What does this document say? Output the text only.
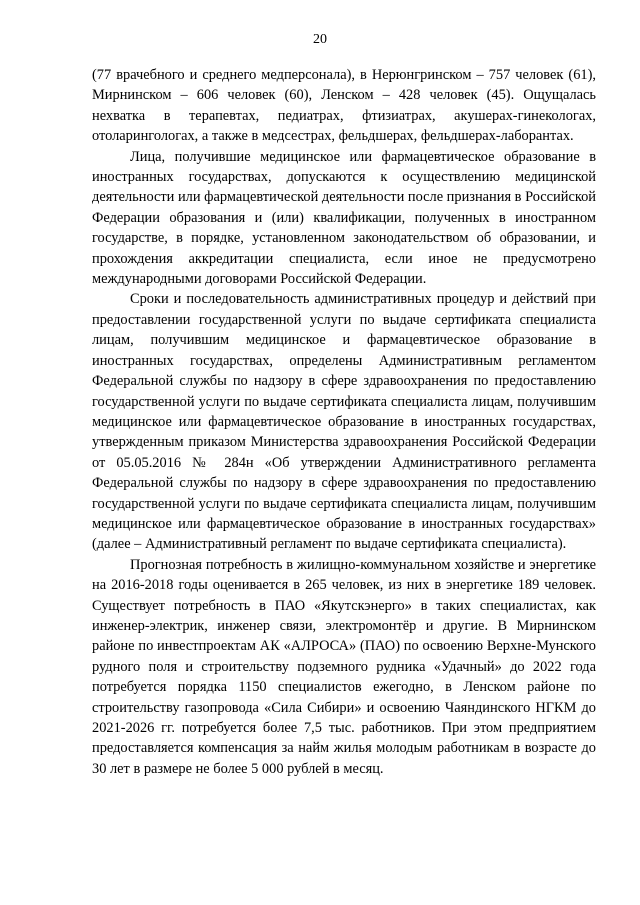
20

(77 врачебного и среднего медперсонала), в Нерюнгринском – 757 человек (61), Мирнинском – 606 человек (60), Ленском – 428 человек (45). Ощущалась нехватка в терапевтах, педиатрах, фтизиатрах, акушерах-гинекологах, отоларингологах, а также в медсестрах, фельдшерах, фельдшерах-лаборантах.

Лица, получившие медицинское или фармацевтическое образование в иностранных государствах, допускаются к осуществлению медицинской деятельности или фармацевтической деятельности после признания в Российской Федерации образования и (или) квалификации, полученных в иностранном государстве, в порядке, установленном законодательством об образовании, и прохождения аккредитации специалиста, если иное не предусмотрено международными договорами Российской Федерации.

Сроки и последовательность административных процедур и действий при предоставлении государственной услуги по выдаче сертификата специалиста лицам, получившим медицинское и фармацевтическое образование в иностранных государствах, определены Административным регламентом Федеральной службы по надзору в сфере здравоохранения по предоставлению государственной услуги по выдаче сертификата специалиста лицам, получившим медицинское или фармацевтическое образование в иностранных государствах, утвержденным приказом Министерства здравоохранения Российской Федерации от 05.05.2016 № 284н «Об утверждении Административного регламента Федеральной службы по надзору в сфере здравоохранения по предоставлению государственной услуги по выдаче сертификата специалиста лицам, получившим медицинское или фармацевтическое образование в иностранных государствах» (далее – Административный регламент по выдаче сертификата специалиста).

Прогнозная потребность в жилищно-коммунальном хозяйстве и энергетике на 2016-2018 годы оценивается в 265 человек, из них в энергетике 189 человек. Существует потребность в ПАО «Якутскэнерго» в таких специалистах, как инженер-электрик, инженер связи, электромонтёр и другие. В Мирнинском районе по инвестпроектам АК «АЛРОСА» (ПАО) по освоению Верхне-Мунского рудного поля и строительству подземного рудника «Удачный» до 2022 года потребуется порядка 1150 специалистов ежегодно, в Ленском районе по строительству газопровода «Сила Сибири» и освоению Чаяндинского НГКМ до 2021-2026 гг. потребуется более 7,5 тыс. работников. При этом предприятием предоставляется компенсация за найм жилья молодым работникам в возрасте до 30 лет в размере не более 5 000 рублей в месяц.
